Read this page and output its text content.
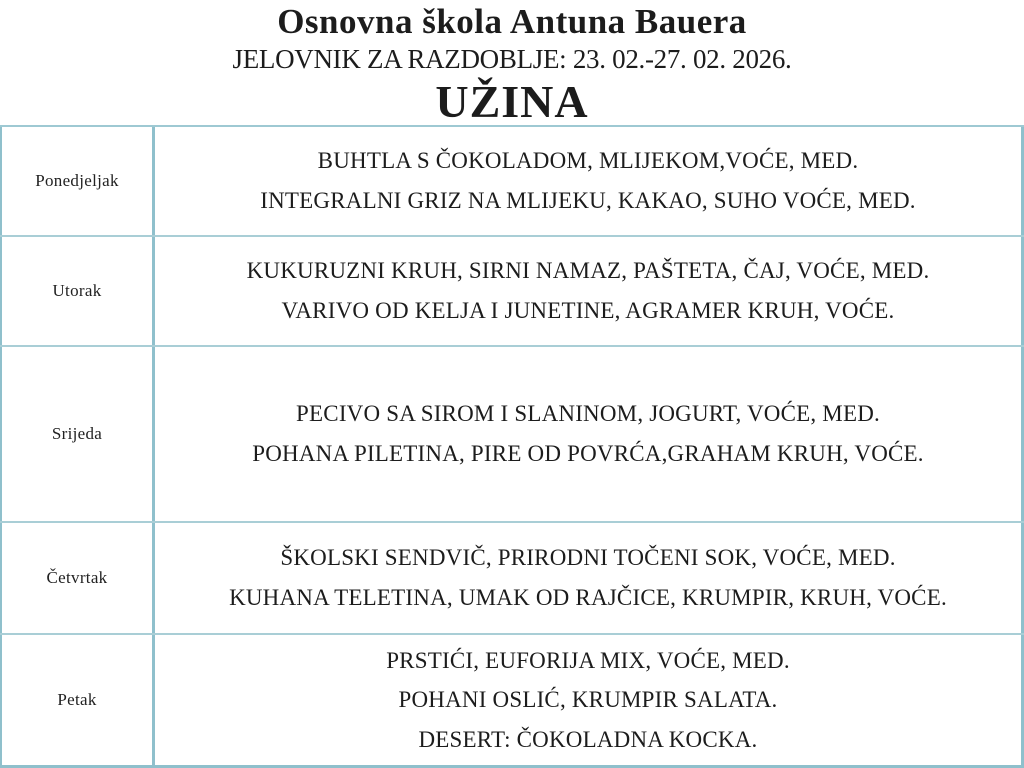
Osnovna škola Antuna Bauera
JELOVNIK ZA RAZDOBLJE: 23. 02.-27. 02. 2026.
UŽINA
Ponedjeljak
BUHTLA S ČOKOLADOM, MLIJEKOM,VOĆE, MED.
INTEGRALNI GRIZ NA MLIJEKU, KAKAO, SUHO VOĆE, MED.
Utorak
KUKURUZNI KRUH, SIRNI NAMAZ, PAŠTETA, ČAJ, VOĆE, MED.
VARIVO OD KELJA I JUNETINE, AGRAMER KRUH, VOĆE.
Srijeda
PECIVO SA SIROM I SLANINOM, JOGURT, VOĆE, MED.
POHANA PILETINA, PIRE OD POVRĆA,GRAHAM KRUH, VOĆE.
Četvrtak
ŠKOLSKI SENDVIČ, PRIRODNI TOČENI SOK, VOĆE, MED.
KUHANA TELETINA, UMAK OD RAJČICE, KRUMPIR, KRUH, VOĆE.
Petak
PRSTIĆI, EUFORIJA MIX, VOĆE, MED.
POHANI OSLIĆ, KRUMPIR SALATA.
DESERT: ČOKOLADNA KOCKA.
